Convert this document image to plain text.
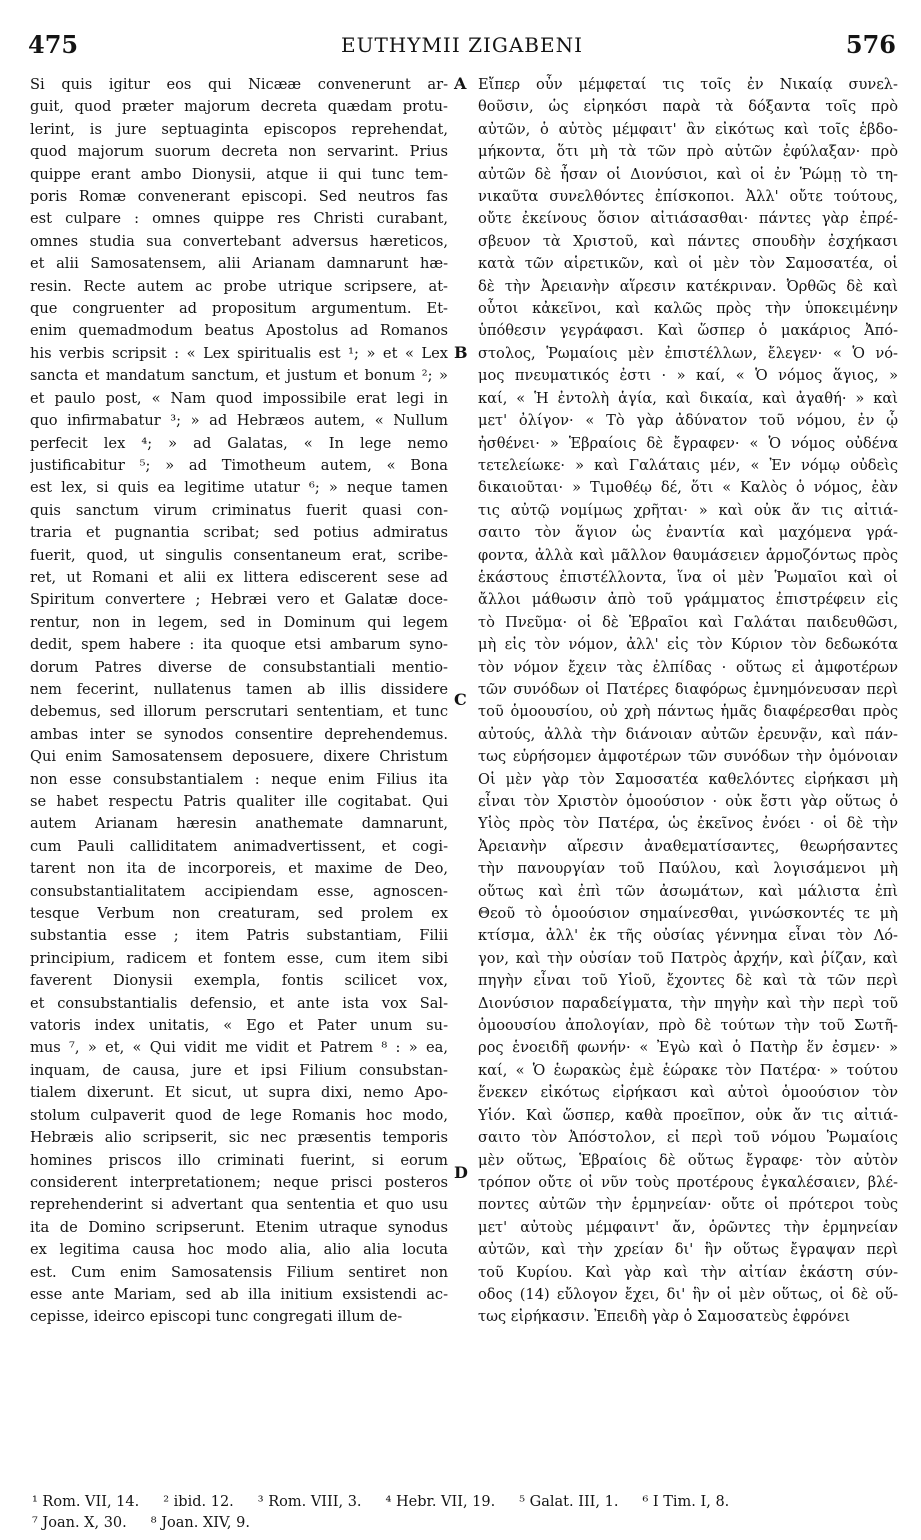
475	EUTHYMII ZIGABENI	576
Si quis igitur eos qui Nicææ convenerunt ar-
guit, quod præter majorum decreta quædam protu-
lerint, is jure septuaginta episcopos reprehendat,
quod majorum suorum decreta non servarint. Prius
quippe erant ambo Dionysii, atque ii qui tunc tem-
poris Romæ convenerant episcopi. Sed neutros fas
est culpare : omnes quippe res Christi curabant,
omnes studia sua convertebant adversus hæreticos,
et alii Samosatensem, alii Arianam damnarunt hæ-
resin. Recte autem ac probe utrique scripsere, at-
que congruenter ad propositum argumentum. Et-
enim quemadmodum beatus Apostolus ad Romanos
his verbis scripsit : « Lex spiritualis est ¹; » et « Lex
sancta et mandatum sanctum, et justum et bonum ²; »
et paulo post, « Nam quod impossibile erat legi in
quo infirmabatur ³; » ad Hebræos autem, « Nullum
perfecit lex ⁴; » ad Galatas, « In lege nemo
justificabitur ⁵; » ad Timotheum autem, « Bona
est lex, si quis ea legitime utatur ⁶; » neque tamen
quis sanctum virum criminatus fuerit quasi con-
traria et pugnantia scribat; sed potius admiratus
fuerit, quod, ut singulis consentaneum erat, scribe-
ret, ut Romani et alii ex littera ediscerent sese ad
Spiritum convertere ; Hebræi vero et Galatæ doce-
rentur, non in legem, sed in Dominum qui legem
dedit, spem habere : ita quoque etsi ambarum syno-
dorum Patres diverse de consubstantiali mentio-
nem fecerint, nullatenus tamen ab illis dissidere
debemus, sed illorum perscrutari sententiam, et tunc
ambas inter se synodos consentire deprehendemus.
Qui enim Samosatensem deposuere, dixere Christum
non esse consubstantialem : neque enim Filius ita
se habet respectu Patris qualiter ille cogitabat. Qui
autem Arianam hæresin anathemate damnarunt,
cum Pauli calliditatem animadvertissent, et cogi-
tarent non ita de incorporeis, et maxime de Deo,
consubstantialitatem accipiendam esse, agnoscen-
tesque Verbum non creaturam, sed prolem ex
substantia esse ; item Patris substantiam, Filii
principium, radicem et fontem esse, cum item sibi
faverent Dionysii exempla, fontis scilicet vox,
et consubstantialis defensio, et ante ista vox Sal-
vatoris index unitatis, « Ego et Pater unum su-
mus ⁷, » et, « Qui vidit me vidit et Patrem ⁸ : » ea,
inquam, de causa, jure et ipsi Filium consubstan-
tialem dixerunt. Et sicut, ut supra dixi, nemo Apo-
stolum culpaverit quod de lege Romanis hoc modo,
Hebræis alio scripserit, sic nec præsentis temporis
homines priscos illo criminati fuerint, si eorum
considerent interpretationem; neque prisci posteros
reprehenderint si advertant qua sententia et quo usu
ita de Domino scripserunt. Etenim utraque synodus
ex legitima causa hoc modo alia, alio alia locuta
est. Cum enim Samosatensis Filium sentiret non
esse ante Mariam, sed ab illa initium exsistendi ac-
cepisse, ideirco episcopi tunc congregati illum de-
Εἴπερ οὖν μέμφεταί τις τοῖς ἐν Νικαίᾳ συνελ-
θοῦσιν, ὡς εἰρηκόσι παρὰ τὰ δόξαντα τοῖς πρὸ
αὐτῶν, ὁ αὐτὸς μέμφαιτ' ἂν εἰκότως καὶ τοῖς ἑβδο-
μήκοντα, ὅτι μὴ τὰ τῶν πρὸ αὐτῶν ἐφύλαξαν· πρὸ
αὐτῶν δὲ ἦσαν οἱ Διονύσιοι, καὶ οἱ ἐν Ῥώμῃ τὸ τη-
νικαῦτα συνελθόντες ἐπίσκοποι. Ἀλλ' οὔτε τούτους,
οὔτε ἐκείνους ὅσιον αἰτιάσασθαι· πάντες γὰρ ἐπρέ-
σβευον τὰ Χριστοῦ, καὶ πάντες σπουδὴν ἐσχήκασι
κατὰ τῶν αἱρετικῶν, καὶ οἱ μὲν τὸν Σαμοσατέα, οἱ
δὲ τὴν Ἀρειανὴν αἵρεσιν κατέκριναν. Ὀρθῶς δὲ καὶ
οὗτοι κἀκεῖνοι, καὶ καλῶς πρὸς τὴν ὑποκειμένην
ὑπόθεσιν γεγράφασι. Καὶ ὥσπερ ὁ μακάριος Ἀπό-
στολος, Ῥωμαίοις μὲν ἐπιστέλλων, ἔλεγεν· « Ὁ νό-
μος πνευματικός ἐστι · » καί, « Ὁ νόμος ἅγιος, »
καί, « Ἡ ἐντολὴ ἁγία, καὶ δικαία, καὶ ἀγαθή· » καὶ
μετ' ὀλίγον· « Τὸ γὰρ ἀδύνατον τοῦ νόμου, ἐν ᾧ
ἠσθένει· » Ἑβραίοις δὲ ἔγραφεν· « Ὁ νόμος οὐδένα
τετελείωκε· » καὶ Γαλάταις μέν, « Ἐν νόμῳ οὐδεὶς
δικαιοῦται· » Τιμοθέῳ δέ, ὅτι « Καλὸς ὁ νόμος, ἐὰν
τις αὐτῷ νομίμως χρῆται· » καὶ οὐκ ἄν τις αἰτιά-
σαιτο τὸν ἅγιον ὡς ἐναντία καὶ μαχόμενα γρά-
φοντα, ἀλλὰ καὶ μᾶλλον θαυμάσειεν ἁρμοζόντως πρὸς
ἑκάστους ἐπιστέλλοντα, ἵνα οἱ μὲν Ῥωμαῖοι καὶ οἱ
ἄλλοι μάθωσιν ἀπὸ τοῦ γράμματος ἐπιστρέφειν εἰς
τὸ Πνεῦμα· οἱ δὲ Ἑβραῖοι καὶ Γαλάται παιδευθῶσι,
μὴ εἰς τὸν νόμον, ἀλλ' εἰς τὸν Κύριον τὸν δεδωκότα
τὸν νόμον ἔχειν τὰς ἐλπίδας · οὕτως εἰ ἀμφοτέρων
τῶν συνόδων οἱ Πατέρες διαφόρως ἐμνημόνευσαν περὶ
τοῦ ὁμοουσίου, οὐ χρὴ πάντως ἡμᾶς διαφέρεσθαι πρὸς
αὐτούς, ἀλλὰ τὴν διάνοιαν αὐτῶν ἐρευνᾷν, καὶ πάν-
τως εὑρήσομεν ἀμφοτέρων τῶν συνόδων τὴν ὁμόνοιαν
Οἱ μὲν γὰρ τὸν Σαμοσατέα καθελόντες εἰρήκασι μὴ
εἶναι τὸν Χριστὸν ὁμοούσιον · οὐκ ἔστι γὰρ οὕτως ὁ
Υἱὸς πρὸς τὸν Πατέρα, ὡς ἐκεῖνος ἐνόει · οἱ δὲ τὴν
Ἀρειανὴν αἵρεσιν ἀναθεματίσαντες, θεωρήσαντες
τὴν πανουργίαν τοῦ Παύλου, καὶ λογισάμενοι μὴ
οὕτως καὶ ἐπὶ τῶν ἀσωμάτων, καὶ μάλιστα ἐπὶ
Θεοῦ τὸ ὁμοούσιον σημαίνεσθαι, γινώσκοντές τε μὴ
κτίσμα, ἀλλ' ἐκ τῆς οὐσίας γέννημα εἶναι τὸν Λό-
γον, καὶ τὴν οὐσίαν τοῦ Πατρὸς ἀρχήν, καὶ ῥίζαν, καὶ
πηγὴν εἶναι τοῦ Υἱοῦ, ἔχοντες δὲ καὶ τὰ τῶν περὶ
Διονύσιον παραδείγματα, τὴν πηγὴν καὶ τὴν περὶ τοῦ
ὁμοουσίου ἀπολογίαν, πρὸ δὲ τούτων τὴν τοῦ Σωτῆ-
ρος ἑνοειδῆ φωνήν· « Ἐγὼ καὶ ὁ Πατὴρ ἕν ἐσμεν· »
καί, « Ὁ ἑωρακὼς ἐμὲ ἑώρακε τὸν Πατέρα· » τούτου
ἕνεκεν εἰκότως εἰρήκασι καὶ αὐτοὶ ὁμοούσιον τὸν
Υἱόν. Καὶ ὥσπερ, καθὰ προεῖπον, οὐκ ἄν τις αἰτιά-
σαιτο τὸν Ἀπόστολον, εἰ περὶ τοῦ νόμου Ῥωμαίοις
μὲν οὕτως, Ἑβραίοις δὲ οὕτως ἔγραφε· τὸν αὐτὸν
τρόπον οὔτε οἱ νῦν τοὺς προτέρους ἐγκαλέσαιεν, βλέ-
ποντες αὐτῶν τὴν ἑρμηνείαν· οὔτε οἱ πρότεροι τοὺς
μετ' αὐτοὺς μέμφαιντ' ἄν, ὁρῶντες τὴν ἑρμηνείαν
αὐτῶν, καὶ τὴν χρείαν δι' ἣν οὕτως ἔγραψαν περὶ
τοῦ Κυρίου. Καὶ γὰρ καὶ τὴν αἰτίαν ἑκάστη σύν-
οδος (14) εὔλογον ἔχει, δι' ἣν οἱ μὲν οὕτως, οἱ δὲ οὕ-
τως εἰρήκασιν. Ἐπειδὴ γὰρ ὁ Σαμοσατεὺς ἐφρόνει
A
B
C
D
¹ Rom. VII, 14. ² ibid. 12. ³ Rom. VIII, 3. ⁴ Hebr. VII, 19. ⁵ Galat. III, 1. ⁶ I Tim. I, 8.
⁷ Joan. X, 30. ⁸ Joan. XIV, 9.
